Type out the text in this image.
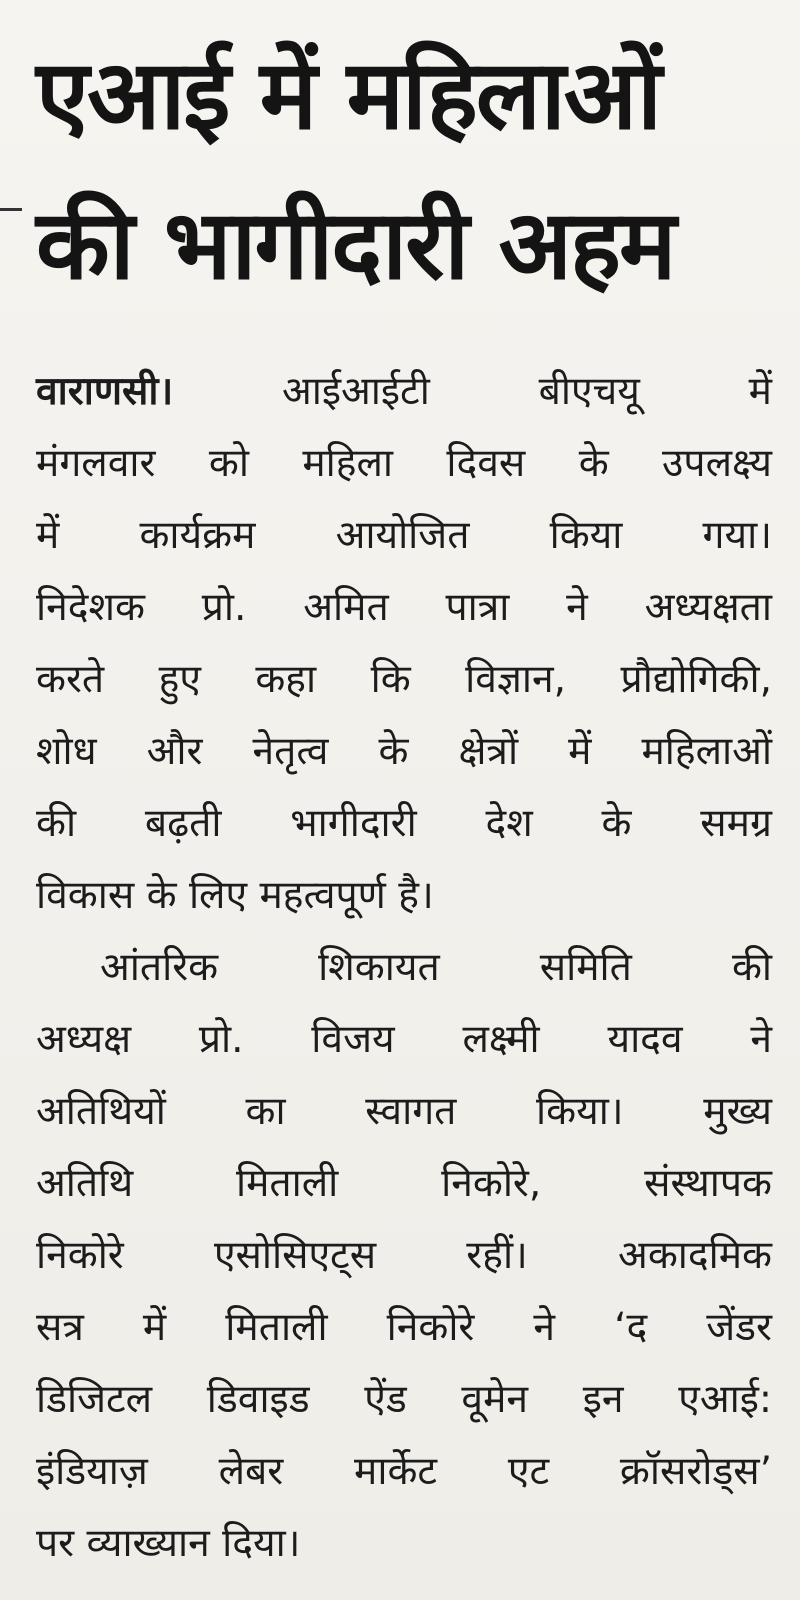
एआई में महिलाओं
की भागीदारी अहम

वाराणसी।	आईआईटी बीएचयू में
मंगलवार को महिला दिवस के उपलक्ष्य
में कार्यक्रम आयोजित किया गया।
निदेशक प्रो. अमित पात्रा ने अध्यक्षता
करते हुए कहा कि विज्ञान, प्रौद्योगिकी,
शोध और नेतृत्व के क्षेत्रों में महिलाओं
की बढ़ती भागीदारी देश के समग्र
विकास के लिए महत्वपूर्ण है।

आंतरिक शिकायत समिति की
अध्यक्ष प्रो. विजय लक्ष्मी यादव ने
अतिथियों का स्वागत किया। मुख्य
अतिथि मिताली निकोरे, संस्थापक
निकोरे एसोसिएट्स रहीं। अकादमिक
सत्र में मिताली निकोरे ने ‘द जेंडर
डिजिटल डिवाइड ऐंड वूमेन इन एआई:
इंडियाज़ लेबर मार्केट एट क्रॉसरोड्स’
पर व्याख्यान दिया।
